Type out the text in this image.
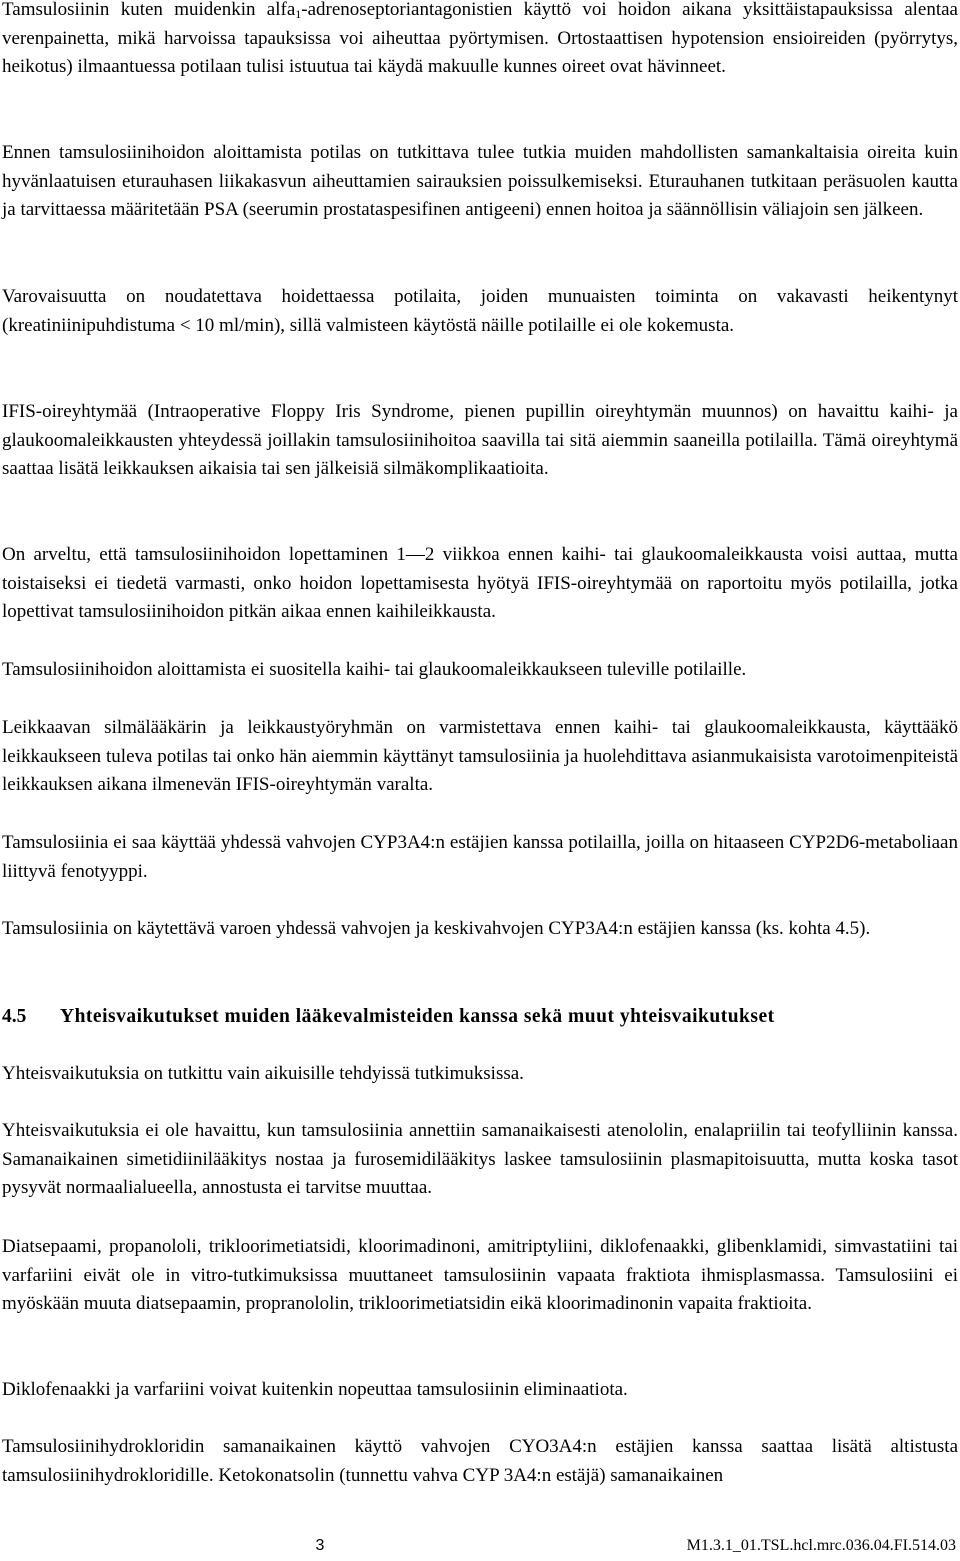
Tamsulosiinin kuten muidenkin alfa$_1$-adrenoseptoriantagonistien käyttö voi hoidon aikana yksittäistapauksissa alentaa verenpainetta, mikä harvoissa tapauksissa voi aiheuttaa pyörtymisen. Ortostaattisen hypotension ensioireiden (pyörrytys, heikotus) ilmaantuessa potilaan tulisi istuutua tai käydä makuulle kunnes oireet ovat hävinneet.

Ennen tamsulosiinihoidon aloittamista potilas on tutkittava tulee tutkia muiden mahdollisten samankaltaisia oireita kuin hyvänlaatuisen eturauhasen liikakasvun aiheuttamien sairauksien poissulkemiseksi. Eturauhanen tutkitaan peräsuolen kautta ja tarvittaessa määritetään PSA (seerumin prostataspesifinen antigeeni) ennen hoitoa ja säännöllisin väliajoin sen jälkeen.

Varovaisuutta on noudatettava hoidettaessa potilaita, joiden munuaisten toiminta on vakavasti heikentynyt (kreatiniinipuhdistuma < 10 ml/min), sillä valmisteen käytöstä näille potilaille ei ole kokemusta.

IFIS-oireyhtymää (Intraoperative Floppy Iris Syndrome, pienen pupillin oireyhtymän muunnos) on havaittu kaihi- ja glaukoomaleikkausten yhteydessä joillakin tamsulosiinihoitoa saavilla tai sitä aiemmin saaneilla potilailla. Tämä oireyhtymä saattaa lisätä leikkauksen aikaisia tai sen jälkeisiä silmäkomplikaatioita.

On arveltu, että tamsulosiinihoidon lopettaminen 1—2 viikkoa ennen kaihi- tai glaukoomaleikkausta voisi auttaa, mutta toistaiseksi ei tiedetä varmasti, onko hoidon lopettamisesta hyötyä IFIS-oireyhtymää on raportoitu myös potilailla, jotka lopettivat tamsulosiinihoidon pitkän aikaa ennen kaihileikkausta.

Tamsulosiinihoidon aloittamista ei suositella kaihi- tai glaukoomaleikkaukseen tuleville potilaille.

Leikkaavan silmälääkärin ja leikkaustyöryhmän on varmistettava ennen kaihi- tai glaukoomaleikkausta, käyttääkö leikkaukseen tuleva potilas tai onko hän aiemmin käyttänyt tamsulosiinia ja huolehdittava asianmukaisista varotoimenpiteistä leikkauksen aikana ilmenevän IFIS-oireyhtymän varalta.

Tamsulosiinia ei saa käyttää yhdessä vahvojen CYP3A4:n estäjien kanssa potilailla, joilla on hitaaseen CYP2D6-metaboliaan liittyvä fenotyyppi.

Tamsulosiinia on käytettävä varoen yhdessä vahvojen ja keskivahvojen CYP3A4:n estäjien kanssa (ks. kohta 4.5).

4.5 Yhteisvaikutukset muiden lääkevalmisteiden kanssa sekä muut yhteisvaikutukset

Yhteisvaikutuksia on tutkittu vain aikuisille tehdyissä tutkimuksissa.

Yhteisvaikutuksia ei ole havaittu, kun tamsulosiinia annettiin samanaikaisesti atenololin, enalapriilin tai teofylliinin kanssa. Samanaikainen simetidiinilääkitys nostaa ja furosemidilääkitys laskee tamsulosiinin plasmapitoisuutta, mutta koska tasot pysyvät normaalialueella, annostusta ei tarvitse muuttaa.

Diatsepaami, propanololi, trikloorimetiatsidi, kloorimadinoni, amitriptyliini, diklofenaakki, glibenklamidi, simvastatiini tai varfariini eivät ole in vitro-tutkimuksissa muuttaneet tamsulosiinin vapaata fraktiota ihmisplasmassa. Tamsulosiini ei myöskään muuta diatsepaamin, propranololin, trikloorimetiatsidin eikä kloorimadinonin vapaita fraktioita.

Diklofenaakki ja varfariini voivat kuitenkin nopeuttaa tamsulosiinin eliminaatiota.

Tamsulosiinihydrokloridin samanaikainen käyttö vahvojen CYO3A4:n estäjien kanssa saattaa lisätä altistusta tamsulosiinihydrokloridille. Ketokonatsolin (tunnettu vahva CYP 3A4:n estäjä) samanaikainen

3	M1.3.1_01.TSL.hcl.mrc.036.04.FI.514.03
